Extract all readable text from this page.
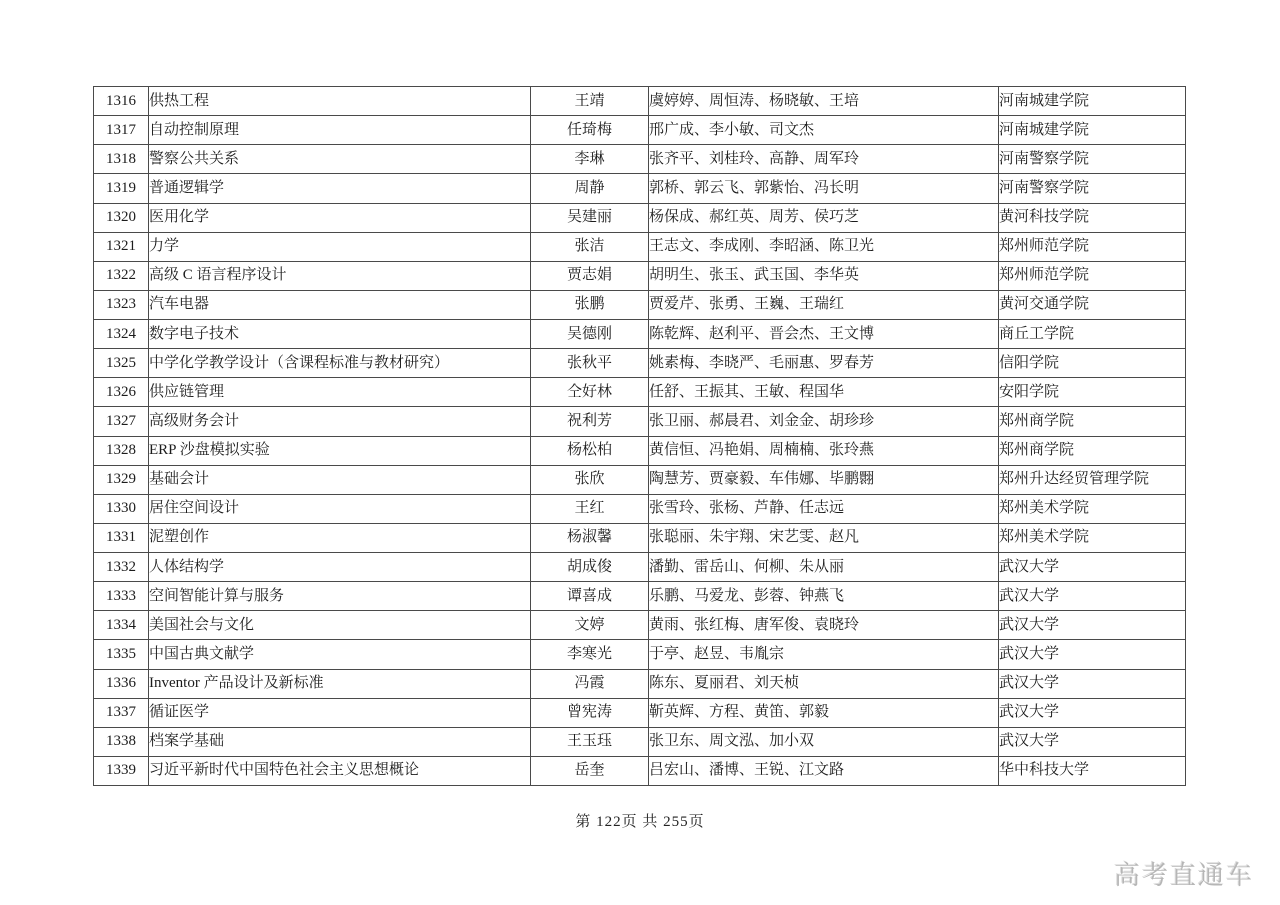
1316	供热工程	王靖	虞婷婷、周恒涛、杨晓敏、王培	河南城建学院
1317	自动控制原理	任琦梅	邢广成、李小敏、司文杰	河南城建学院
1318	警察公共关系	李琳	张齐平、刘桂玲、高静、周军玲	河南警察学院
1319	普通逻辑学	周静	郭桥、郭云飞、郭紫怡、冯长明	河南警察学院
1320	医用化学	吴建丽	杨保成、郝红英、周芳、侯巧芝	黄河科技学院
1321	力学	张洁	王志文、李成刚、李昭涵、陈卫光	郑州师范学院
1322	高级 C 语言程序设计	贾志娟	胡明生、张玉、武玉国、李华英	郑州师范学院
1323	汽车电器	张鹏	贾爱芹、张勇、王巍、王瑞红	黄河交通学院
1324	数字电子技术	吴德刚	陈乾辉、赵利平、晋会杰、王文博	商丘工学院
1325	中学化学教学设计（含课程标准与教材研究）	张秋平	姚素梅、李晓严、毛丽惠、罗春芳	信阳学院
1326	供应链管理	仝好林	任舒、王振其、王敏、程国华	安阳学院
1327	高级财务会计	祝利芳	张卫丽、郝晨君、刘金金、胡珍珍	郑州商学院
1328	ERP 沙盘模拟实验	杨松柏	黄信恒、冯艳娟、周楠楠、张玲燕	郑州商学院
1329	基础会计	张欣	陶慧芳、贾豪毅、车伟娜、毕鹏翾	郑州升达经贸管理学院
1330	居住空间设计	王红	张雪玲、张杨、芦静、任志远	郑州美术学院
1331	泥塑创作	杨淑馨	张聪丽、朱宇翔、宋艺雯、赵凡	郑州美术学院
1332	人体结构学	胡成俊	潘勤、雷岳山、何柳、朱从丽	武汉大学
1333	空间智能计算与服务	谭喜成	乐鹏、马爱龙、彭蓉、钟燕飞	武汉大学
1334	美国社会与文化	文婷	黄雨、张红梅、唐军俊、袁晓玲	武汉大学
1335	中国古典文献学	李寒光	于亭、赵昱、韦胤宗	武汉大学
1336	Inventor 产品设计及新标准	冯霞	陈东、夏丽君、刘天桢	武汉大学
1337	循证医学	曾宪涛	靳英辉、方程、黄笛、郭毅	武汉大学
1338	档案学基础	王玉珏	张卫东、周文泓、加小双	武汉大学
1339	习近平新时代中国特色社会主义思想概论	岳奎	吕宏山、潘博、王锐、江文路	华中科技大学
第 122页 共 255页
高考直通车
